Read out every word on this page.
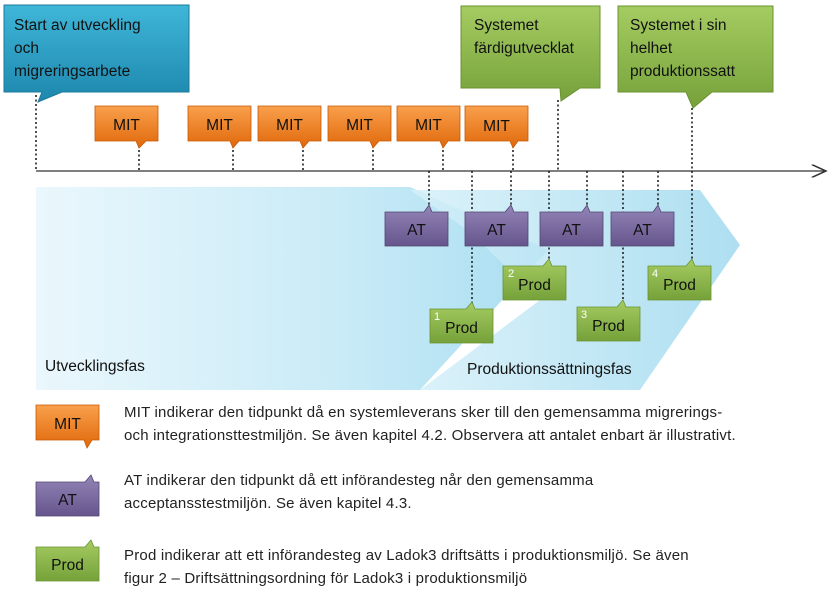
Start av utveckling och migreringsarbete
Systemet färdigutvecklat
Systemet i sin helhet produktionssatt
MIT	MIT	MIT	MIT	MIT	MIT
AT	AT	AT	AT
1
Prod
2
Prod
3
Prod
4
Prod
Utvecklingsfas	Produktionssättningsfas
MIT
AT
Prod
MIT indikerar den tidpunkt då en systemleverans sker till den gemensamma migrerings-
och integrationsttestmiljön. Se även kapitel 4.2. Observera att antalet enbart är illustrativt.
AT indikerar den tidpunkt då ett införandesteg når den gemensamma
acceptansstestmiljön. Se även kapitel 4.3.
Prod indikerar att ett införandesteg av Ladok3 driftsätts i produktionsmiljö. Se även
figur 2 – Driftsättningsordning för Ladok3 i produktionsmiljö
